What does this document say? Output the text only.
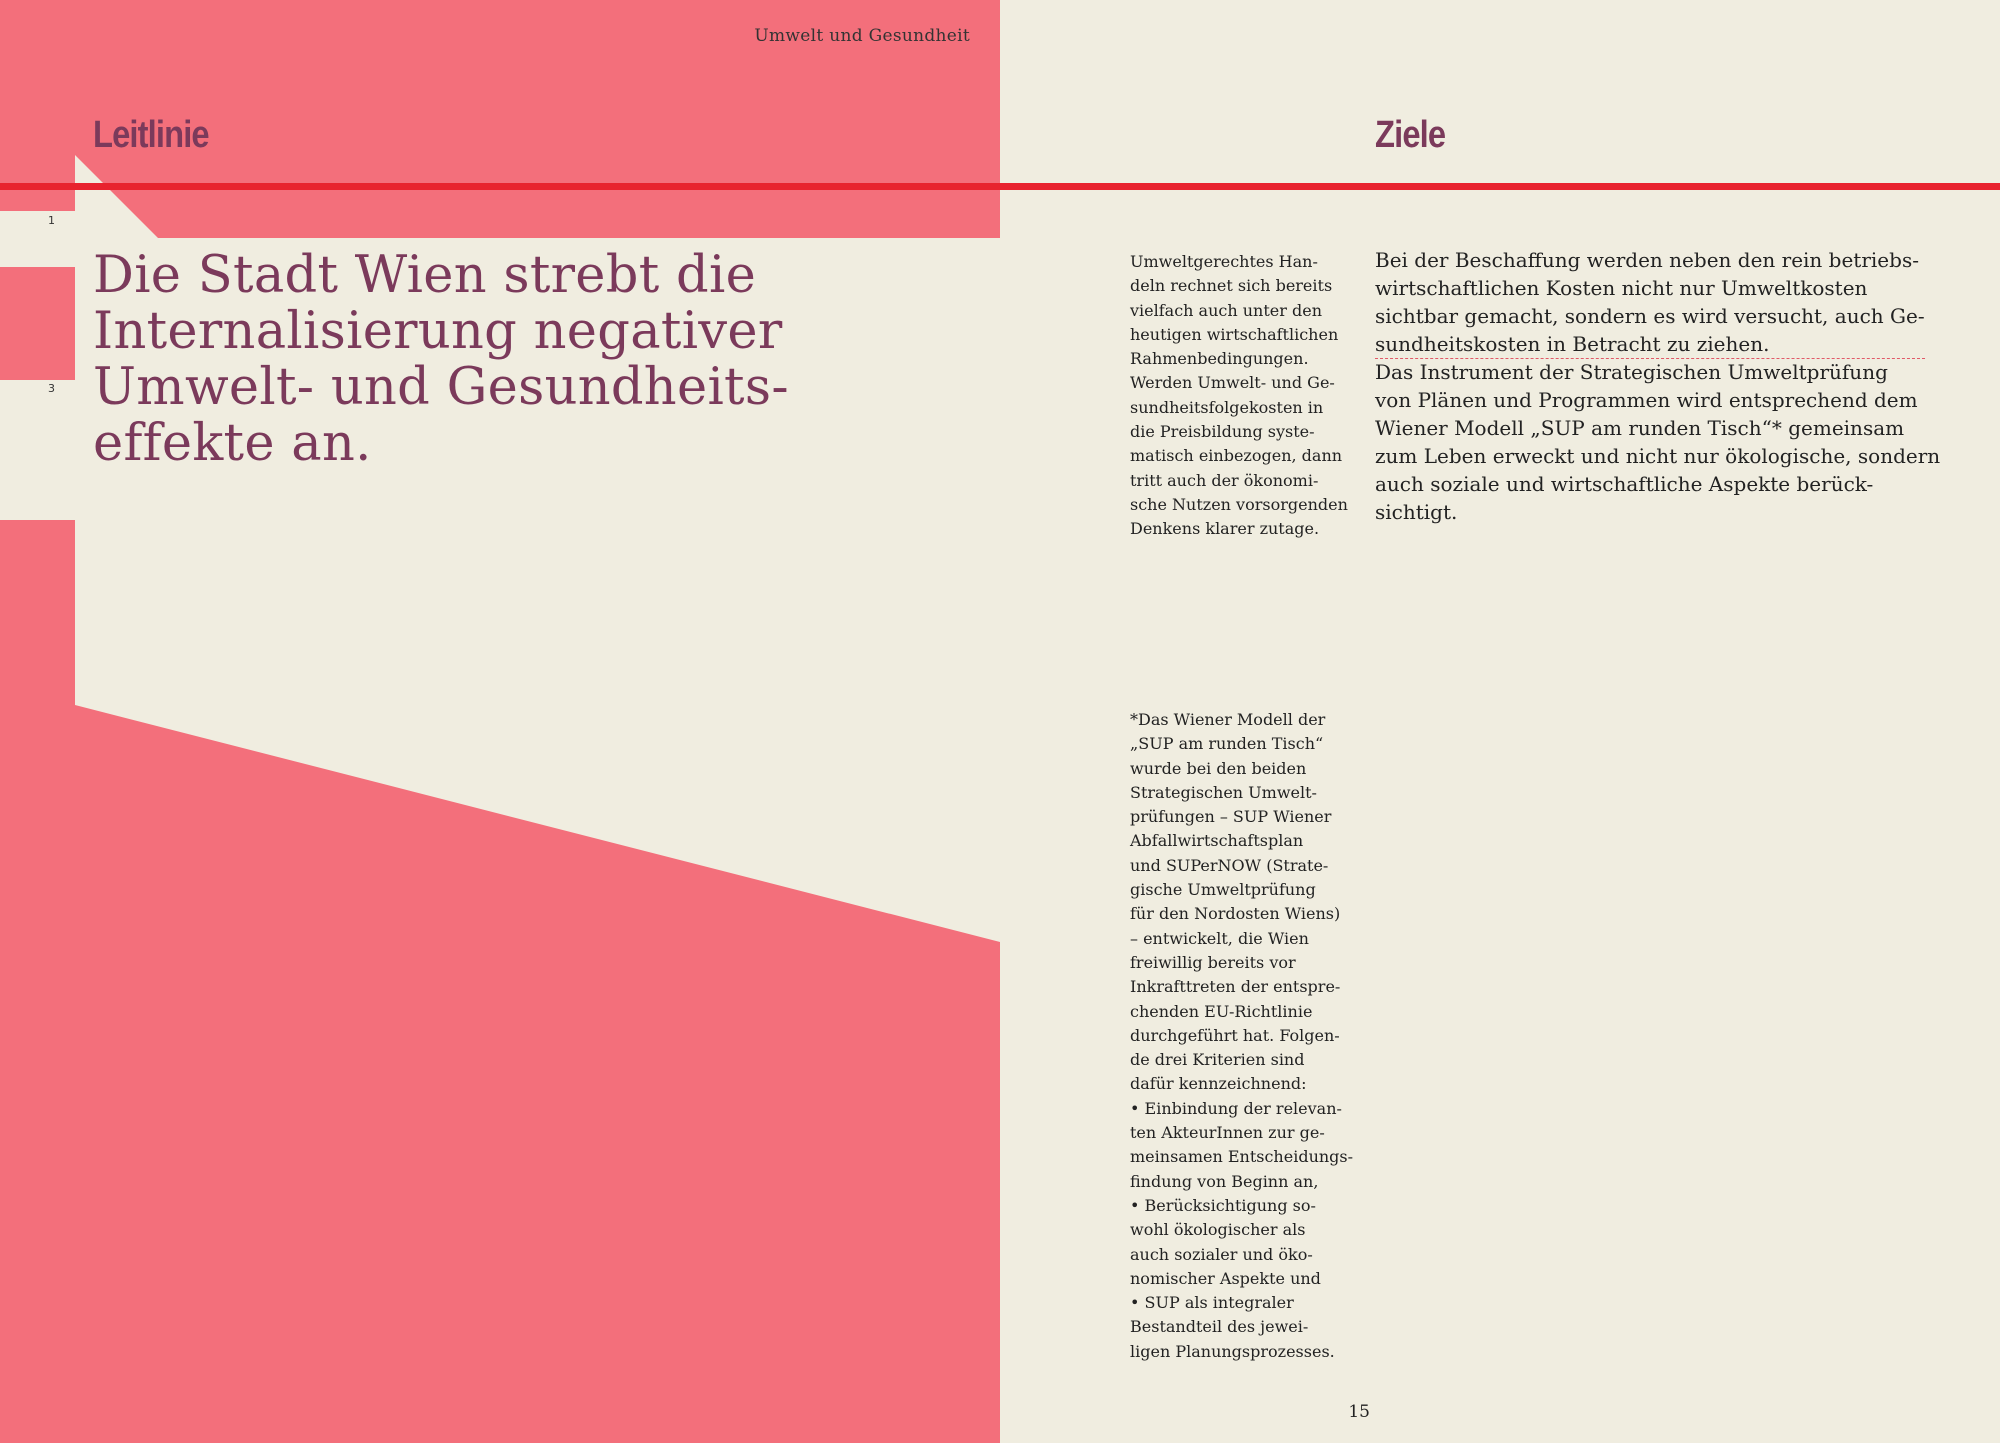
1
3
Leitlinie
Die Stadt Wien strebt die
Internalisierung negativer
Umwelt- und Gesundheits-
effekte an.
Umwelt und Gesundheit
Ziele

Umweltgerechtes Han-
deln rechnet sich bereits
vielfach auch unter den
heutigen wirtschaftlichen
Rahmenbedingungen.
Werden Umwelt- und Ge-
sundheitsfolgekosten in
die Preisbildung syste-
matisch einbezogen, dann
tritt auch der ökonomi-
sche Nutzen vorsorgenden
Denkens klarer zutage.

Bei der Beschaffung werden neben den rein betriebs-
wirtschaftlichen Kosten nicht nur Umweltkosten
sichtbar gemacht, sondern es wird versucht, auch Ge-
sundheitskosten in Betracht zu ziehen.

Das Instrument der Strategischen Umweltprüfung
von Plänen und Programmen wird entsprechend dem
Wiener Modell „SUP am runden Tisch“* gemeinsam
zum Leben erweckt und nicht nur ökologische, sondern
auch soziale und wirtschaftliche Aspekte berück-
sichtigt.

*Das Wiener Modell der
„SUP am runden Tisch“
wurde bei den beiden
Strategischen Umwelt-
prüfungen – SUP Wiener
Abfallwirtschaftsplan
und SUPerNOW (Strate-
gische Umweltprüfung
für den Nordosten Wiens)
– entwickelt, die Wien
freiwillig bereits vor
Inkrafttreten der entspre-
chenden EU-Richtlinie
durchgeführt hat. Folgen-
de drei Kriterien sind
dafür kennzeichnend:
• Einbindung der relevan-
ten AkteurInnen zur ge-
meinsamen Entscheidungs-
findung von Beginn an,
• Berücksichtigung so-
wohl ökologischer als
auch sozialer und öko-
nomischer Aspekte und
• SUP als integraler
Bestandteil des jewei-
ligen Planungsprozesses.

15
